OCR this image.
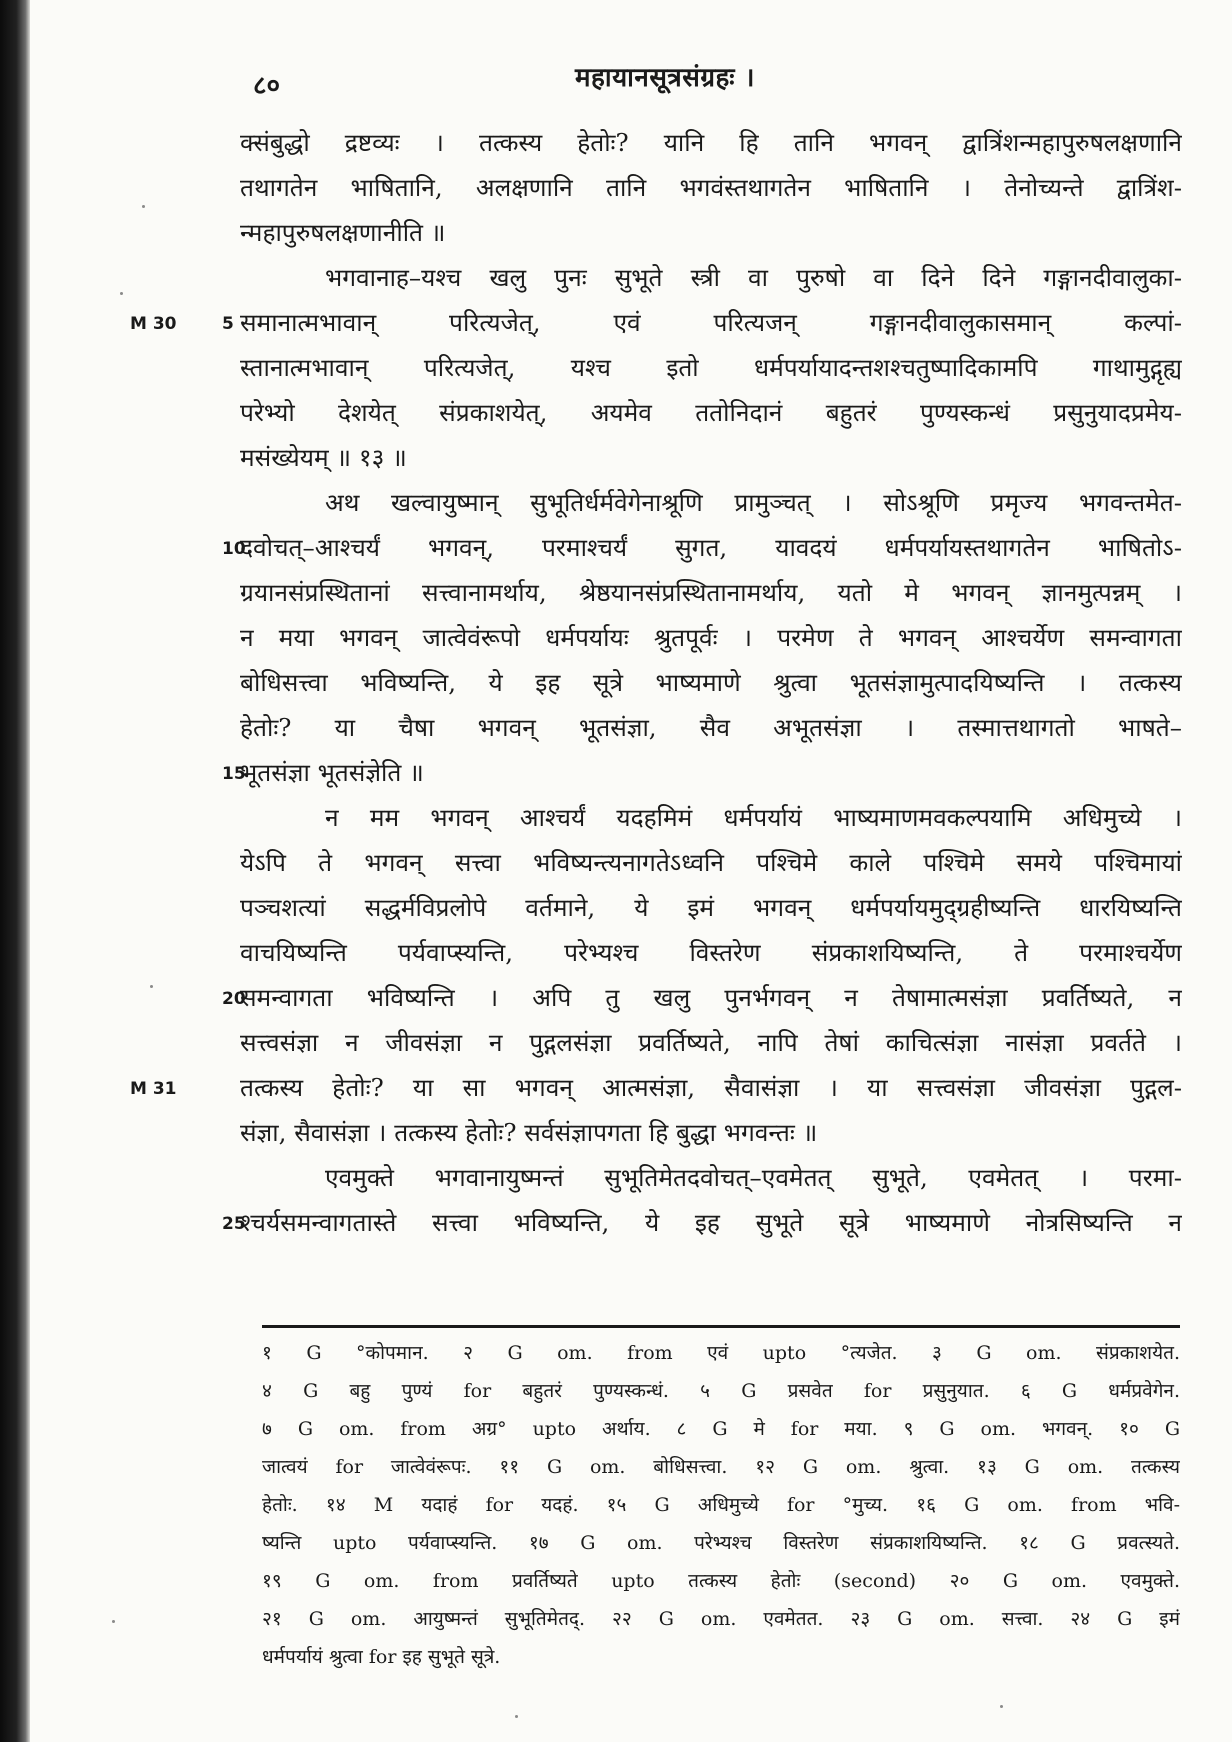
८०	महायानसूत्रसंग्रहः ।
क्संबुद्धो द्रष्टव्यः । तत्कस्य हेतोः? यानि हि तानि भगवन् द्वात्रिंशन्महापुरुषलक्षणानि
तथागतेन भाषितानि, अलक्षणानि तानि भगवंस्तथागतेन भाषितानि । तेनोच्यन्ते द्वात्रिंश-
न्महापुरुषलक्षणानीति ॥
भगवानाह–यश्च खलु पुनः सुभूते स्त्री वा पुरुषो वा दिने दिने गङ्गानदीवालुका-
समानात्मभावान् परित्यजेत्, एवं परित्यजन् गङ्गानदीवालुकासमान् कल्पां-
स्तानात्मभावान् परित्यजेत्, यश्च इतो धर्मपर्यायादन्तशश्चतुष्पादिकामपि गाथामुद्गृह्य
परेभ्यो देशयेत् संप्रकाशयेत्, अयमेव ततोनिदानं बहुतरं पुण्यस्कन्धं प्रसुनुयादप्रमेय-
मसंख्येयम् ॥ १३ ॥
अथ खल्वायुष्मान् सुभूतिर्धर्मवेगेनाश्रूणि प्रामुञ्चत् । सोऽश्रूणि प्रमृज्य भगवन्तमेत-
दवोचत्–आश्चर्यं भगवन्, परमाश्चर्यं सुगत, यावदयं धर्मपर्यायस्तथागतेन भाषितोऽ-
ग्रयानसंप्रस्थितानां सत्त्वानामर्थाय, श्रेष्ठयानसंप्रस्थितानामर्थाय, यतो मे भगवन् ज्ञानमुत्पन्नम् ।
न मया भगवन् जात्वेवंरूपो धर्मपर्यायः श्रुतपूर्वः । परमेण ते भगवन् आश्चर्येण समन्वागता
बोधिसत्त्वा भविष्यन्ति, ये इह सूत्रे भाष्यमाणे श्रुत्वा भूतसंज्ञामुत्पादयिष्यन्ति । तत्कस्य
हेतोः? या चैषा भगवन् भूतसंज्ञा, सैव अभूतसंज्ञा । तस्मात्तथागतो भाषते–
भूतसंज्ञा भूतसंज्ञेति ॥
न मम भगवन् आश्चर्यं यदहमिमं धर्मपर्यायं भाष्यमाणमवकल्पयामि अधिमुच्ये ।
येऽपि ते भगवन् सत्त्वा भविष्यन्त्यनागतेऽध्वनि पश्चिमे काले पश्चिमे समये पश्चिमायां
पञ्चशत्यां सद्धर्मविप्रलोपे वर्तमाने, ये इमं भगवन् धर्मपर्यायमुद्ग्रहीष्यन्ति धारयिष्यन्ति
वाचयिष्यन्ति पर्यवाप्स्यन्ति, परेभ्यश्च विस्तरेण संप्रकाशयिष्यन्ति, ते परमाश्चर्येण
समन्वागता भविष्यन्ति । अपि तु खलु पुनर्भगवन् न तेषामात्मसंज्ञा प्रवर्तिष्यते, न
सत्त्वसंज्ञा न जीवसंज्ञा न पुद्गलसंज्ञा प्रवर्तिष्यते, नापि तेषां काचित्संज्ञा नासंज्ञा प्रवर्तते ।
तत्कस्य हेतोः? या सा भगवन् आत्मसंज्ञा, सैवासंज्ञा । या सत्त्वसंज्ञा जीवसंज्ञा पुद्गल-
संज्ञा, सैवासंज्ञा । तत्कस्य हेतोः? सर्वसंज्ञापगता हि बुद्धा भगवन्तः ॥
एवमुक्ते भगवानायुष्मन्तं सुभूतिमेतदवोचत्–एवमेतत् सुभूते, एवमेतत् । परमा-
श्चर्यसमन्वागतास्ते सत्त्वा भविष्यन्ति, ये इह सुभूते सूत्रे भाष्यमाणे नोत्रसिष्यन्ति न
१ G °कोपमान. २ G om. from एवं upto °त्यजेत. ३ G om. संप्रकाशयेत.
४ G बहु पुण्यं for बहुतरं पुण्यस्कन्धं. ५ G प्रसवेत for प्रसुनुयात. ६ G धर्मप्रवेगेन.
७ G om. from अग्र° upto अर्थाय. ८ G मे for मया. ९ G om. भगवन्. १० G
जात्वयं for जात्वेवंरूपः. ११ G om. बोधिसत्त्वा. १२ G om. श्रुत्वा. १३ G om. तत्कस्य
हेतोः. १४ M यदाहं for यदहं. १५ G अधिमुच्ये for °मुच्य. १६ G om. from भवि-
ष्यन्ति upto पर्यवाप्स्यन्ति. १७ G om. परेभ्यश्च विस्तरेण संप्रकाशयिष्यन्ति. १८ G प्रवत्स्यते.
१९ G om. from प्रवर्तिष्यते upto तत्कस्य हेतोः (second) २० G om. एवमुक्ते.
२१ G om. आयुष्मन्तं सुभूतिमेतद्. २२ G om. एवमेतत. २३ G om. सत्त्वा. २४ G इमं
धर्मपर्यायं श्रुत्वा for इह सुभूते सूत्रे.
5
M 30
10
15
20
M 31
25
